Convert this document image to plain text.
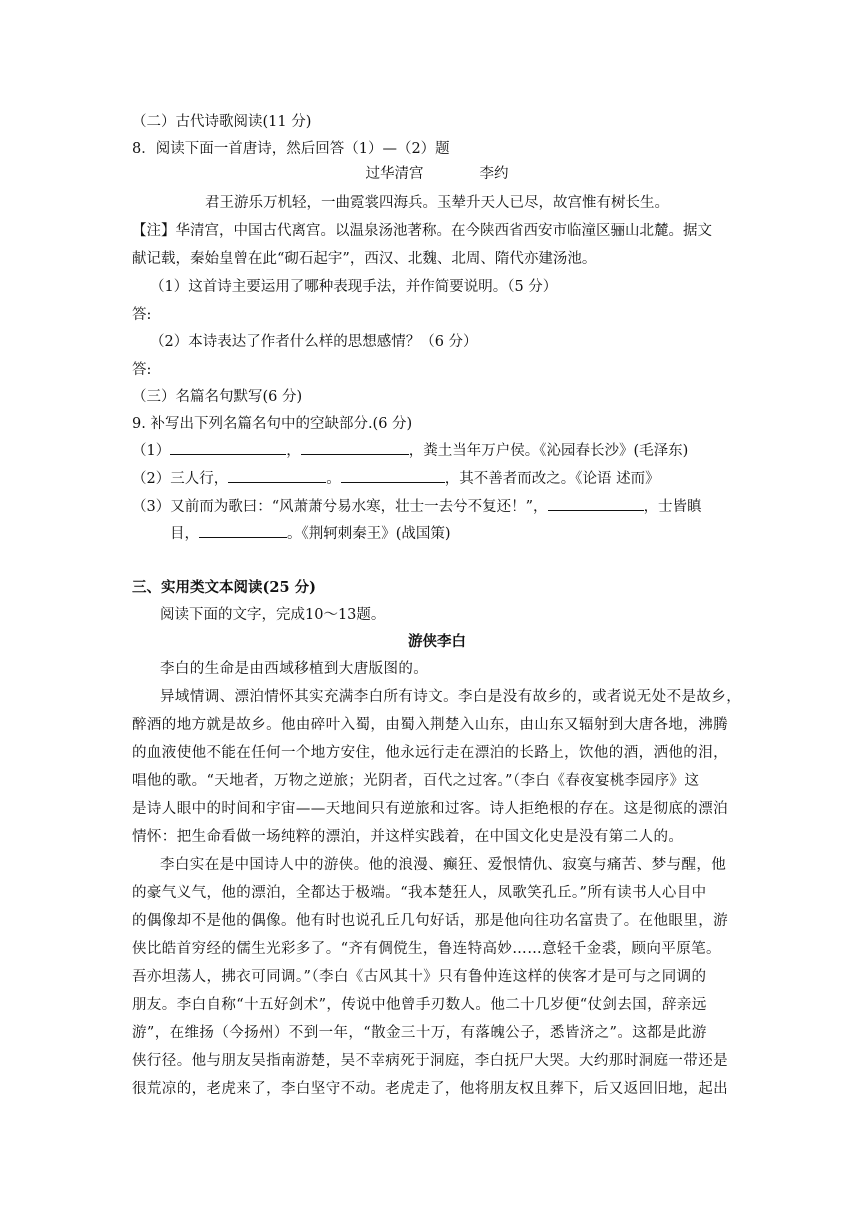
（二）古代诗歌阅读(11 分)

8．阅读下面一首唐诗，然后回答（1）—（2）题

过华清宫	李约

君王游乐万机轻，一曲霓裳四海兵。玉辇升天人已尽，故宫惟有树长生。

【注】华清宫，中国古代离宫。以温泉汤池著称。在今陕西省西安市临潼区骊山北麓。据文

献记载，秦始皇曾在此“砌石起宇”，西汉、北魏、北周、隋代亦建汤池。

（1）这首诗主要运用了哪种表现手法，并作简要说明。（5 分）

答:

（2）本诗表达了作者什么样的思想感情？（6 分）

答:

（三）名篇名句默写(6 分)

9. 补写出下列名篇名句中的空缺部分.(6 分)

（1）	，	，粪土当年万户侯。《沁园春长沙》(毛泽东)

（2）三人行，	。	，其不善者而改之。《论语 述而》

（3）又前而为歌曰：“风萧萧兮易水寒，壮士一去兮不复还！”，	，士皆瞋

目，	。《荆轲刺秦王》(战国策)

三、实用类文本阅读(25 分)

阅读下面的文字，完成10～13题。

游侠李白

李白的生命是由西域移植到大唐版图的。

异域情调、漂泊情怀其实充满李白所有诗文。李白是没有故乡的，或者说无处不是故乡，

醉酒的地方就是故乡。他由碎叶入蜀，由蜀入荆楚入山东，由山东又辐射到大唐各地，沸腾

的血液使他不能在任何一个地方安住，他永远行走在漂泊的长路上，饮他的酒，洒他的泪，

唱他的歌。“天地者，万物之逆旅；光阴者，百代之过客。”（李白《春夜宴桃李园序》这

是诗人眼中的时间和宇宙——天地间只有逆旅和过客。诗人拒绝根的存在。这是彻底的漂泊

情怀：把生命看做一场纯粹的漂泊，并这样实践着，在中国文化史是没有第二人的。

李白实在是中国诗人中的游侠。他的浪漫、癫狂、爱恨情仇、寂寞与痛苦、梦与醒，他

的豪气义气，他的漂泊，全都达于极端。“我本楚狂人，凤歌笑孔丘。”所有读书人心目中

的偶像却不是他的偶像。他有时也说孔丘几句好话，那是他向往功名富贵了。在他眼里，游

侠比皓首穷经的儒生光彩多了。“齐有倜傥生，鲁连特高妙……意轻千金裘，顾向平原笔。

吾亦坦荡人，拂衣可同调。”（李白《古风其十》只有鲁仲连这样的侠客才是可与之同调的

朋友。李白自称“十五好剑术”，传说中他曾手刃数人。他二十几岁便“仗剑去国，辞亲远

游”，在维扬（今扬州）不到一年，“散金三十万，有落魄公子，悉皆济之”。这都是此游

侠行径。他与朋友吴指南游楚，吴不幸病死于洞庭，李白抚尸大哭。大约那时洞庭一带还是

很荒凉的，老虎来了，李白坚守不动。老虎走了，他将朋友权且葬下，后又返回旧地，起出
